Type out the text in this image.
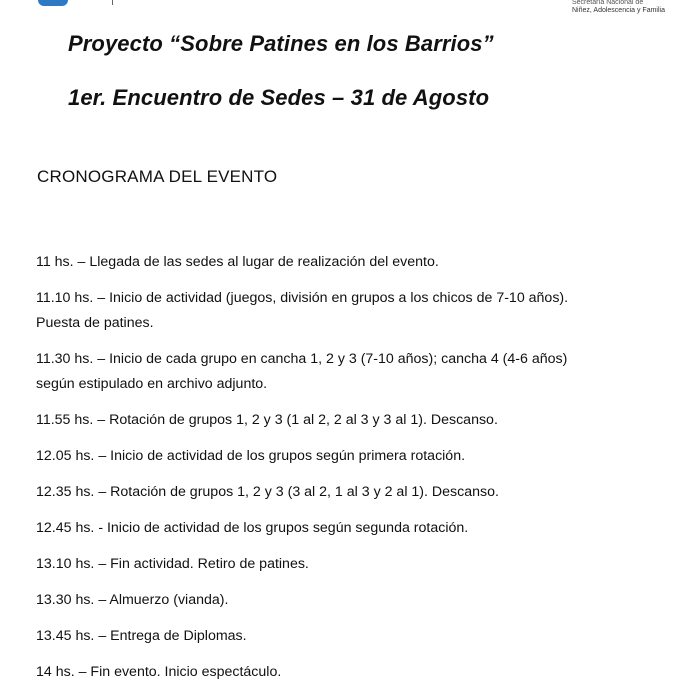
Secretaría Nacional de
Niñez, Adolescencia y Familia
Proyecto “Sobre Patines en los Barrios”
1er. Encuentro de Sedes – 31 de Agosto
CRONOGRAMA DEL EVENTO
11 hs. – Llegada de las sedes al lugar de realización del evento.
11.10 hs. – Inicio de actividad (juegos, división en grupos a los chicos de 7-10 años). Puesta de patines.
11.30 hs. – Inicio de cada grupo en cancha 1, 2 y 3 (7-10 años); cancha 4 (4-6 años) según estipulado en archivo adjunto.
11.55 hs. – Rotación de grupos 1, 2 y 3 (1 al 2, 2 al 3 y 3 al 1). Descanso.
12.05 hs. – Inicio de actividad de los grupos según primera rotación.
12.35 hs. – Rotación de grupos 1, 2 y 3 (3 al 2, 1 al 3 y 2 al 1). Descanso.
12.45 hs. - Inicio de actividad de los grupos según segunda rotación.
13.10 hs. – Fin actividad. Retiro de patines.
13.30 hs. – Almuerzo (vianda).
13.45 hs. – Entrega de Diplomas.
14 hs. – Fin evento. Inicio espectáculo.
